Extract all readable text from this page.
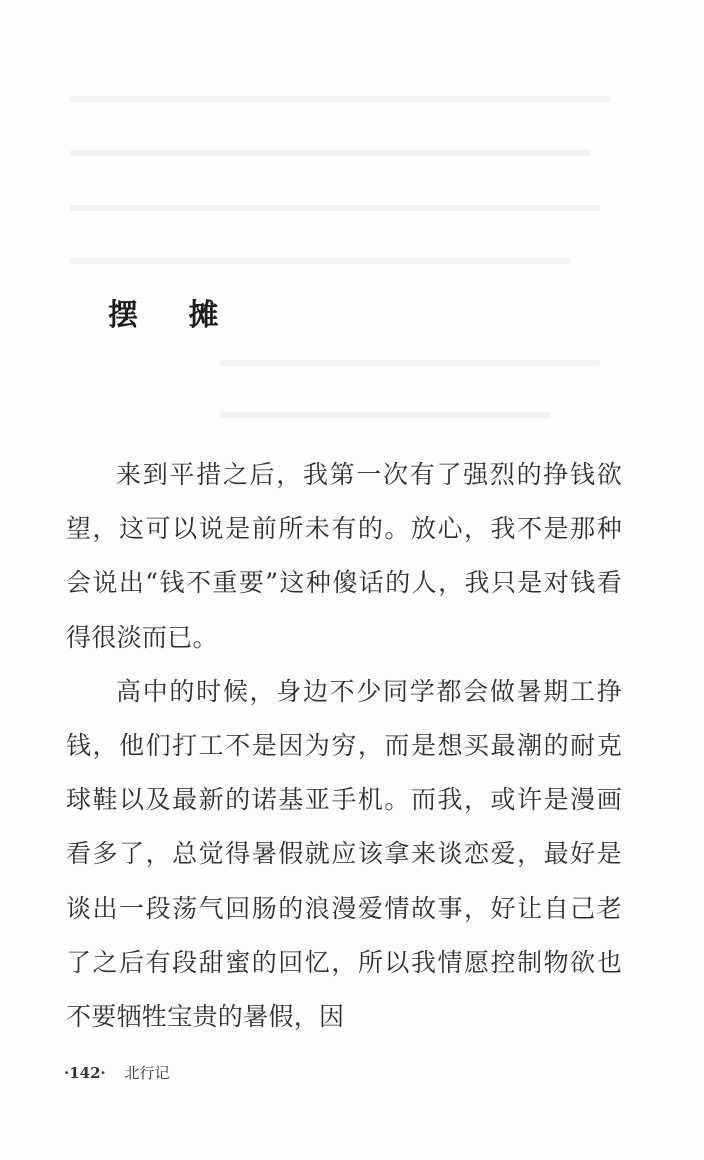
摆 摊

来到平措之后，我第一次有了强烈的挣钱欲望，这可以说是前所未有的。放心，我不是那种会说出“钱不重要”这种傻话的人，我只是对钱看得很淡而已。

高中的时候，身边不少同学都会做暑期工挣钱，他们打工不是因为穷，而是想买最潮的耐克球鞋以及最新的诺基亚手机。而我，或许是漫画看多了，总觉得暑假就应该拿来谈恋爱，最好是谈出一段荡气回肠的浪漫爱情故事，好让自己老了之后有段甜蜜的回忆，所以我情愿控制物欲也不要牺牲宝贵的暑假，因

·142· 北行记
